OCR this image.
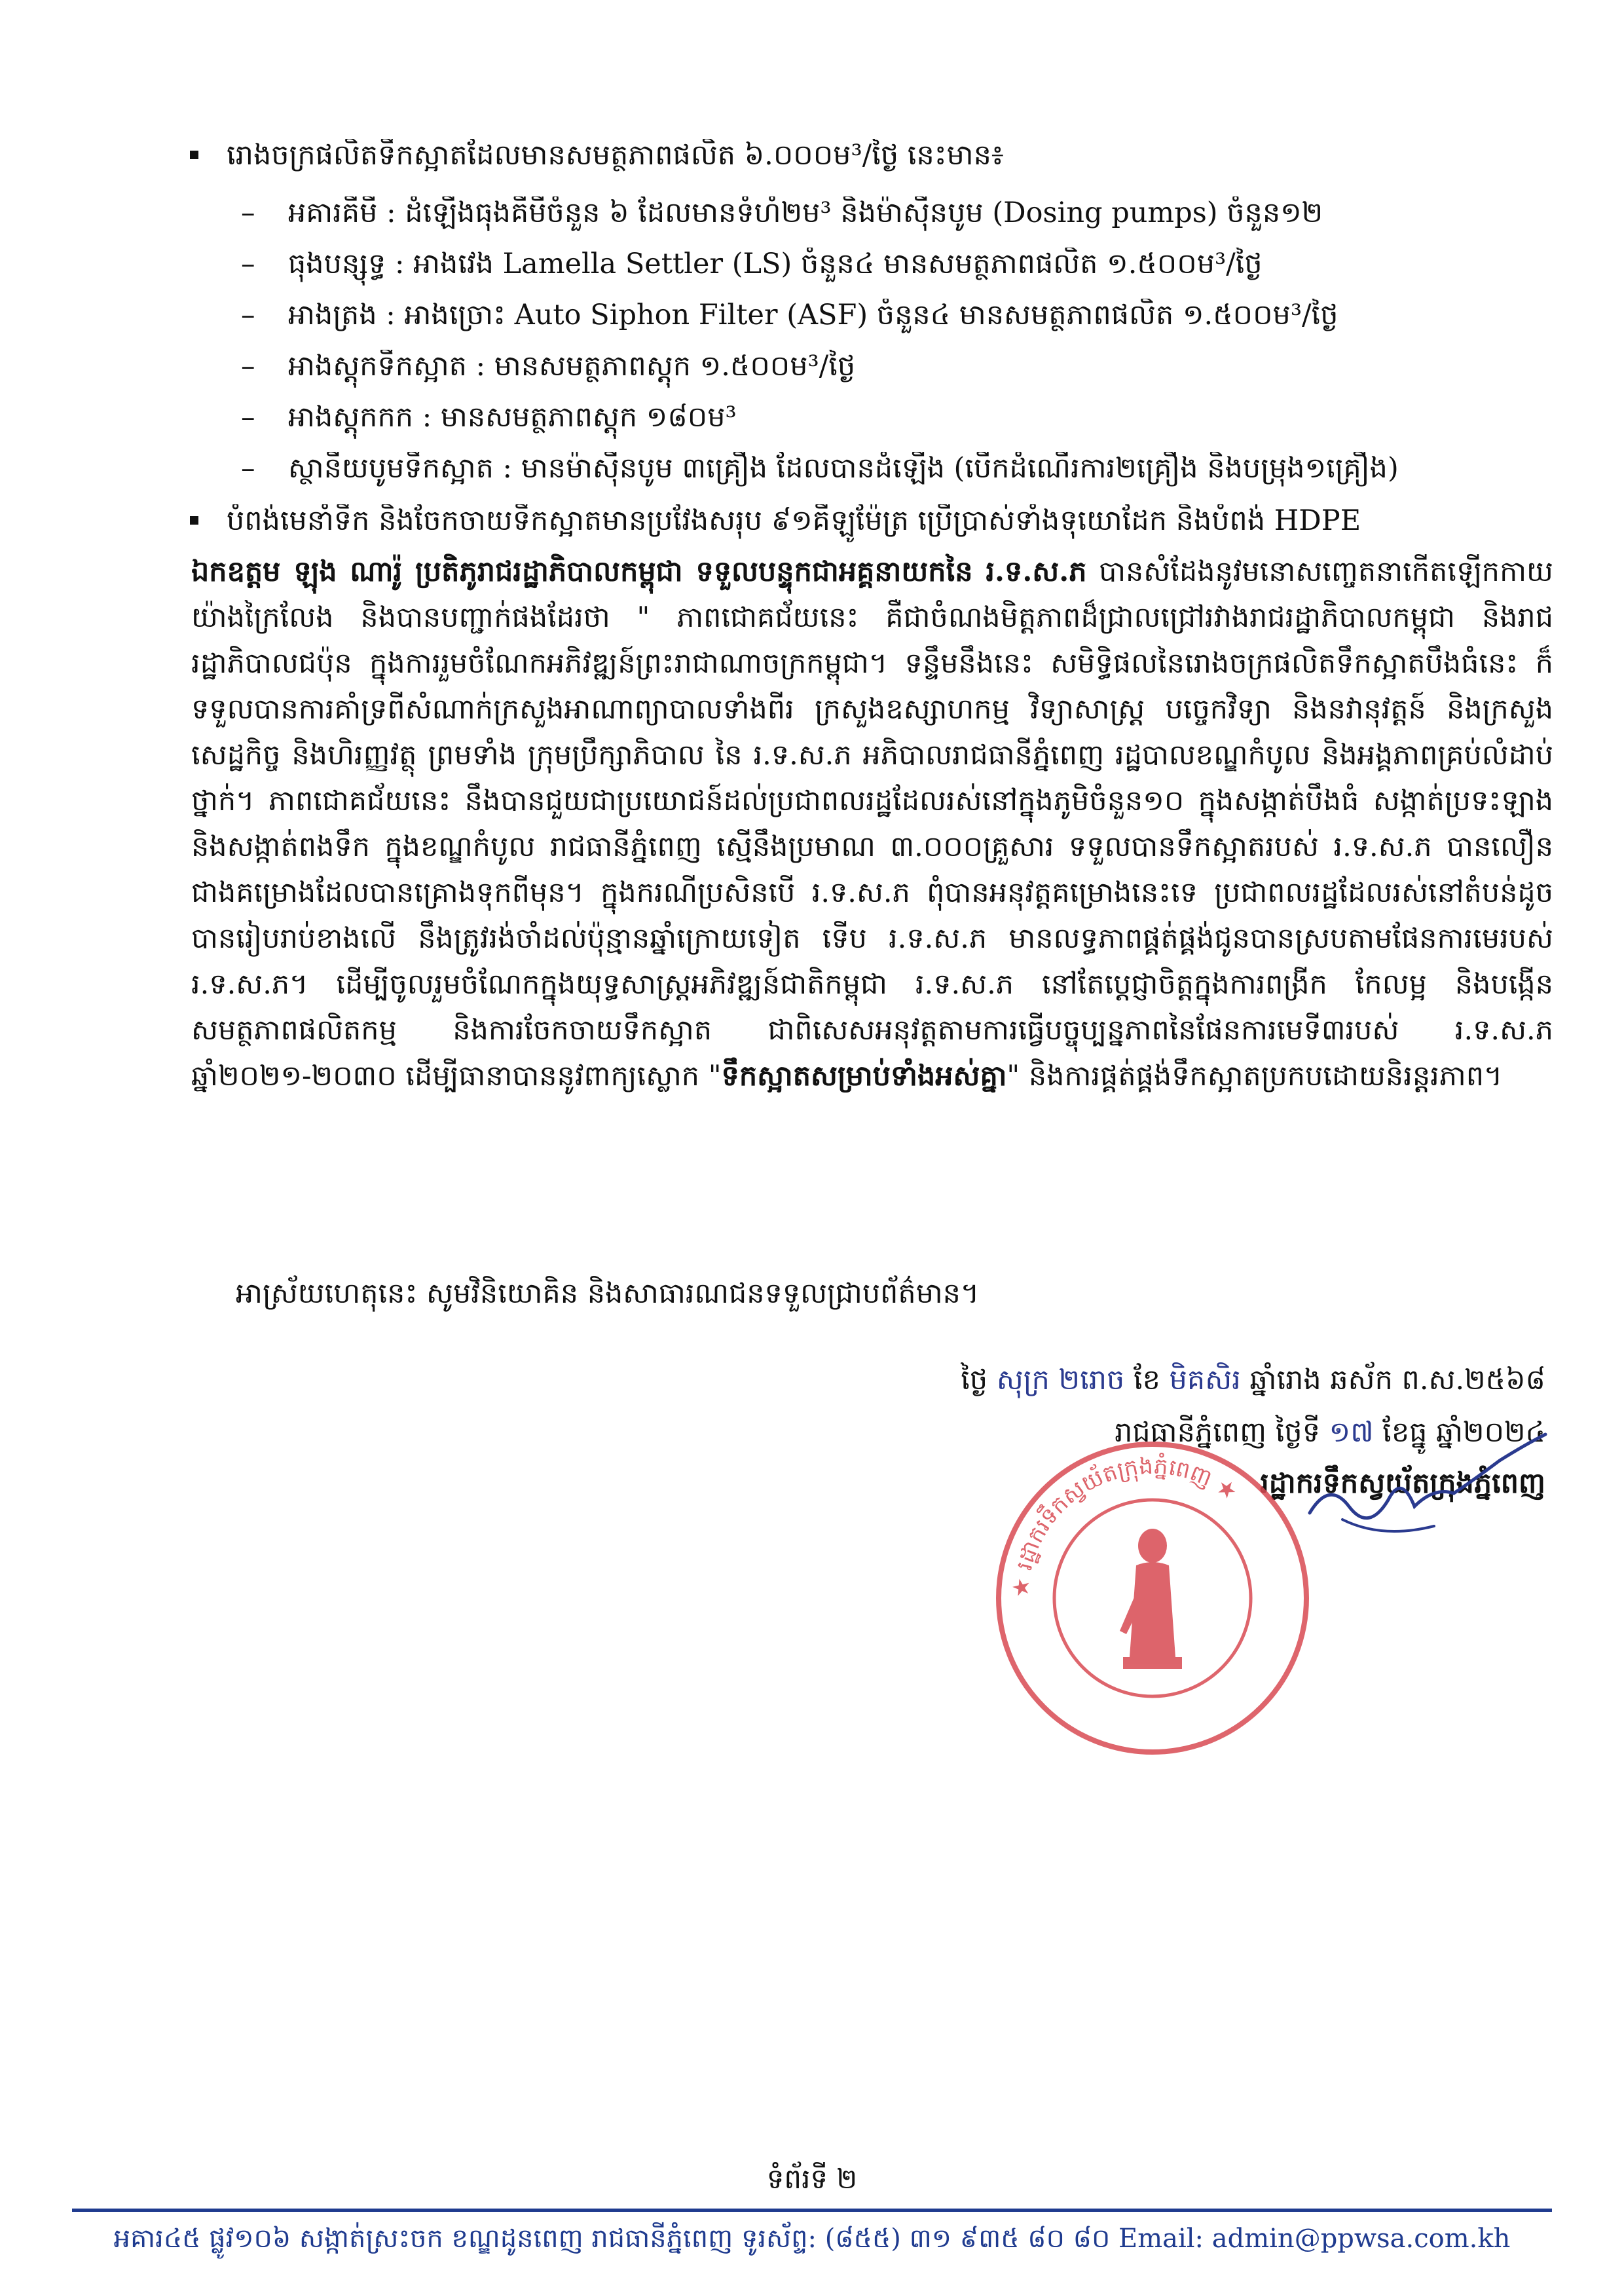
រោងចក្រផលិតទឹកស្អាតដែលមានសមត្ថភាពផលិត ៦.០០០ម³/ថ្ងៃ នេះមាន៖
– អគារគីមី : ដំឡើងធុងគីមីចំនួន ៦ ដែលមានទំហំ២ម³ និងម៉ាស៊ីនបូម (Dosing pumps) ចំនួន១២
– ធុងបន្សុទ្ធ : អាងវេង Lamella Settler (LS) ចំនួន៤ មានសមត្ថភាពផលិត ១.៥០០ម³/ថ្ងៃ
– អាងត្រង : អាងច្រោះ Auto Siphon Filter (ASF) ចំនួន៤ មានសមត្ថភាពផលិត ១.៥០០ម³/ថ្ងៃ
– អាងស្តុកទឹកស្អាត : មានសមត្ថភាពស្តុក ១.៥០០ម³/ថ្ងៃ
– អាងស្តុកកក : មានសមត្ថភាពស្តុក ១៨០ម³
– ស្ថានីយបូមទឹកស្អាត : មានម៉ាស៊ីនបូម ៣គ្រឿង ដែលបានដំឡើង (បើកដំណើរការ២គ្រឿង និងបម្រុង១គ្រឿង)
បំពង់មេនាំទឹក និងចែកចាយទឹកស្អាតមានប្រវែងសរុប ៩១គីឡូម៉ែត្រ ប្រើប្រាស់ទាំងទុយោដែក និងបំពង់ HDPE
ឯកឧត្តម ឡុង ណារ៉ូ ប្រតិភូរាជរដ្ឋាភិបាលកម្ពុជា ទទួលបន្ទុកជាអគ្គនាយកនៃ រ.ទ.ស.ភ បានសំដែងនូវមនោសញ្ចេតនាកើតឡើកកាយយ៉ាងក្រៃលែង និងបានបញ្ជាក់ផងដែរថា " ភាពជោគជ័យនេះ គឺជាចំណងមិត្តភាពដ៏ជ្រាលជ្រៅរវាងរាជរដ្ឋាភិបាលកម្ពុជា និងរាជរដ្ឋាភិបាលជប៉ុន ក្នុងការរួមចំណែកអភិវឌ្ឍន៍ព្រះរាជាណាចក្រកម្ពុជា។ ទន្ទឹមនឹងនេះ សមិទ្ធិផលនៃរោងចក្រផលិតទឹកស្អាតបឹងធំនេះ ក៏ទទួលបានការគាំទ្រពីសំណាក់ក្រសួងអាណាព្យាបាលទាំងពីរ ក្រសួងឧស្សាហកម្ម វិទ្យាសាស្ត្រ បច្ចេកវិទ្យា និងនវានុវត្តន៍ និងក្រសួងសេដ្ឋកិច្ច និងហិរញ្ញវត្ថុ ព្រមទាំង ក្រុមប្រឹក្សាភិបាល នៃ រ.ទ.ស.ភ អភិបាលរាជធានីភ្នំពេញ រដ្ឋបាលខណ្ឌកំបូល និងអង្គភាពគ្រប់លំដាប់ថ្នាក់។ ភាពជោគជ័យនេះ នឹងបានជួយជាប្រយោជន៍ដល់ប្រជាពលរដ្ឋដែលរស់នៅក្នុងភូមិចំនួន១០ ក្នុងសង្កាត់បឹងធំ សង្កាត់ប្រទះឡាង និងសង្កាត់ពងទឹក ក្នុងខណ្ឌកំបូល រាជធានីភ្នំពេញ ស្មើនឹងប្រមាណ ៣.០០០គ្រួសារ ទទួលបានទឹកស្អាតរបស់ រ.ទ.ស.ភ បានលឿនជាងគម្រោងដែលបានគ្រោងទុកពីមុន។ ក្នុងករណីប្រសិនបើ រ.ទ.ស.ភ ពុំបានអនុវត្តគម្រោងនេះទេ ប្រជាពលរដ្ឋដែលរស់នៅតំបន់ដូចបានរៀបរាប់ខាងលើ នឹងត្រូវរង់ចាំដល់ប៉ុន្មានឆ្នាំក្រោយទៀត ទើប រ.ទ.ស.ភ មានលទ្ធភាពផ្គត់ផ្គង់ជូនបានស្របតាមផែនការមេរបស់ រ.ទ.ស.ភ។ ដើម្បីចូលរួមចំណែកក្នុងយុទ្ធសាស្ត្រអភិវឌ្ឍន៍ជាតិកម្ពុជា រ.ទ.ស.ភ នៅតែប្តេជ្ញាចិត្តក្នុងការពង្រីក កែលម្អ និងបង្កើនសមត្ថភាពផលិតកម្ម និងការចែកចាយទឹកស្អាត ជាពិសេសអនុវត្តតាមការធ្វើបច្ចុប្បន្នភាពនៃផែនការមេទី៣របស់ រ.ទ.ស.ភ ឆ្នាំ២០២១-២០៣០ ដើម្បីធានាបាននូវពាក្យស្លោក "ទឹកស្អាតសម្រាប់ទាំងអស់គ្នា" និងការផ្គត់ផ្គង់ទឹកស្អាតប្រកបដោយនិរន្តរភាព។
អាស្រ័យហេតុនេះ សូមវិនិយោគិន និងសាធារណជនទទួលជ្រាបព័ត៌មាន។
ថ្ងៃ សុក្រ ២រោច ខែ មិគសិរ ឆ្នាំរោង ឆស័ក ព.ស.២៥៦៨
រាជធានីភ្នំពេញ ថ្ងៃទី ១៧ ខែធ្នូ ឆ្នាំ២០២៤
រដ្ឋាករទឹកស្វយ័តក្រុងភ្នំពេញ
★ រដ្ឋាករទឹកស្វយ័តក្រុងភ្នំពេញ ★
ទំព័រទី ២
អគារ៤៥ ផ្លូវ១០៦ សង្កាត់ស្រះចក ខណ្ឌដូនពេញ រាជធានីភ្នំពេញ ទូរស័ព្ទ: (៨៥៥) ៣១ ៩៣៥ ៨០ ៨០ Email: admin@ppwsa.com.kh
